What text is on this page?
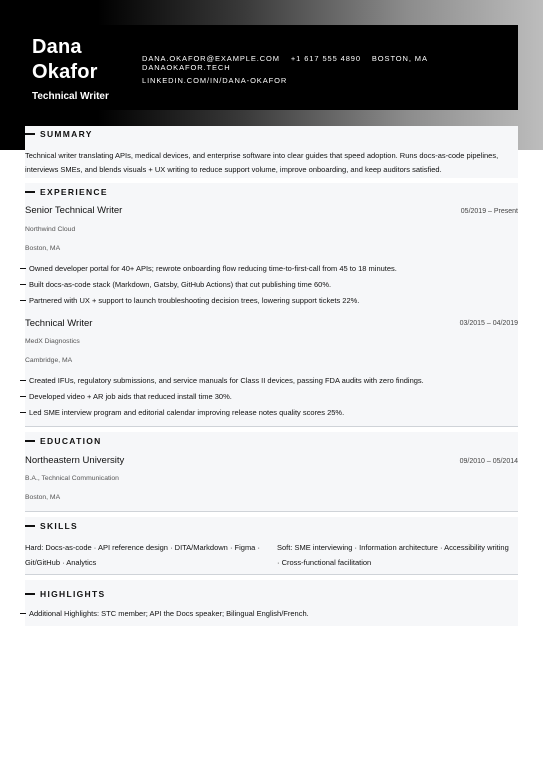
Dana
Okafor
Technical Writer
DANA.OKAFOR@EXAMPLE.COM +1 617 555 4890 BOSTON, MA DANAOKAFOR.TECH
LINKEDIN.COM/IN/DANA-OKAFOR
SUMMARY
Technical writer translating APIs, medical devices, and enterprise software into clear guides that speed adoption. Runs docs-as-code pipelines,
interviews SMEs, and blends visuals + UX writing to reduce support volume, improve onboarding, and keep auditors satisfied.
EXPERIENCE
Senior Technical Writer	05/2019 – Present
Northwind Cloud
Boston, MA
Owned developer portal for 40+ APIs; rewrote onboarding flow reducing time-to-first-call from 45 to 18 minutes.
Built docs-as-code stack (Markdown, Gatsby, GitHub Actions) that cut publishing time 60%.
Partnered with UX + support to launch troubleshooting decision trees, lowering support tickets 22%.
Technical Writer	03/2015 – 04/2019
MedX Diagnostics
Cambridge, MA
Created IFUs, regulatory submissions, and service manuals for Class II devices, passing FDA audits with zero findings.
Developed video + AR job aids that reduced install time 30%.
Led SME interview program and editorial calendar improving release notes quality scores 25%.
EDUCATION
Northeastern University	09/2010 – 05/2014
B.A., Technical Communication
Boston, MA
SKILLS
Hard: Docs-as-code · API reference design · DITA/Markdown · Figma ·
Git/GitHub · Analytics
Soft: SME interviewing · Information architecture · Accessibility writing
· Cross-functional facilitation
HIGHLIGHTS
Additional Highlights: STC member; API the Docs speaker; Bilingual English/French.
